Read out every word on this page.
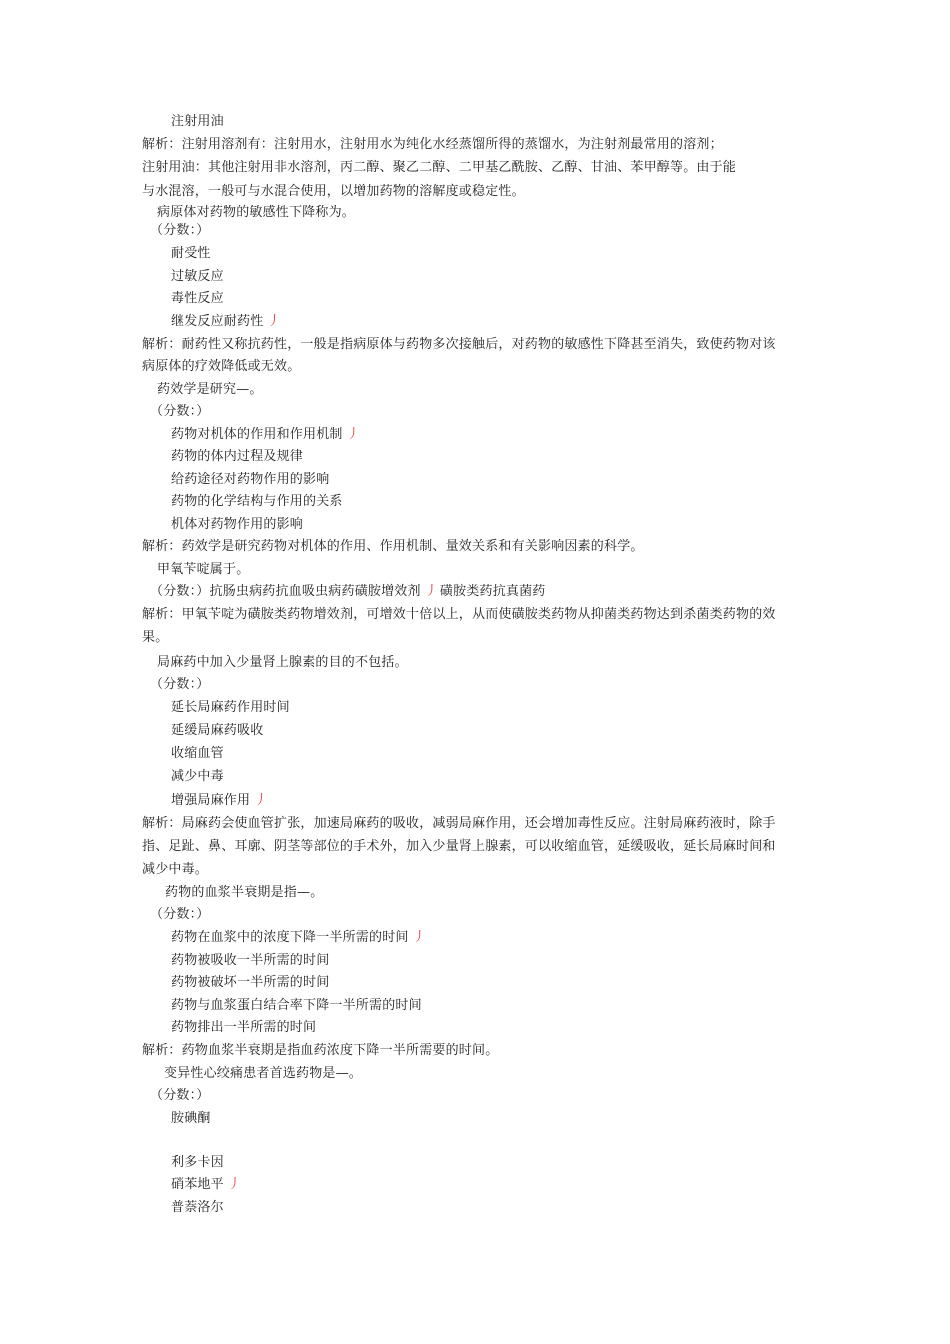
注射用油
解析：注射用溶剂有：注射用水，注射用水为纯化水经蒸馏所得的蒸馏水，为注射剂最常用的溶剂；
注射用油：其他注射用非水溶剂，丙二醇、聚乙二醇、二甲基乙酰胺、乙醇、甘油、苯甲醇等。由于能
与水混溶，一般可与水混合使用，以增加药物的溶解度或稳定性。
病原体对药物的敏感性下降称为。
（分数：）
耐受性
过敏反应
毒性反应
继发反应耐药性 丿
解析：耐药性又称抗药性，一般是指病原体与药物多次接触后，对药物的敏感性下降甚至消失，致使药物对该
病原体的疗效降低或无效。
药效学是研究—。
（分数：）
药物对机体的作用和作用机制 丿
药物的体内过程及规律
给药途径对药物作用的影响
药物的化学结构与作用的关系
机体对药物作用的影响
解析：药效学是研究药物对机体的作用、作用机制、量效关系和有关影响因素的科学。
甲氧苄啶属于。
（分数：）抗肠虫病药抗血吸虫病药磺胺增效剂 丿 磺胺类药抗真菌药
解析：甲氧苄啶为磺胺类药物增效剂，可增效十倍以上，从而使磺胺类药物从抑菌类药物达到杀菌类药物的效
果。
局麻药中加入少量肾上腺素的目的不包括。
（分数：）
延长局麻药作用时间
延缓局麻药吸收
收缩血管
减少中毒
增强局麻作用 丿
解析：局麻药会使血管扩张，加速局麻药的吸收，减弱局麻作用，还会增加毒性反应。注射局麻药液时，除手
指、足趾、鼻、耳廓、阴茎等部位的手术外，加入少量肾上腺素，可以收缩血管，延缓吸收，延长局麻时间和
减少中毒。
药物的血浆半衰期是指—。
（分数：）
药物在血浆中的浓度下降一半所需的时间 丿
药物被吸收一半所需的时间
药物被破坏一半所需的时间
药物与血浆蛋白结合率下降一半所需的时间
药物排出一半所需的时间
解析：药物血浆半衰期是指血药浓度下降一半所需要的时间。
变异性心绞痛患者首选药物是—。
（分数：）
胺碘酮
利多卡因
硝苯地平 丿
普萘洛尔
